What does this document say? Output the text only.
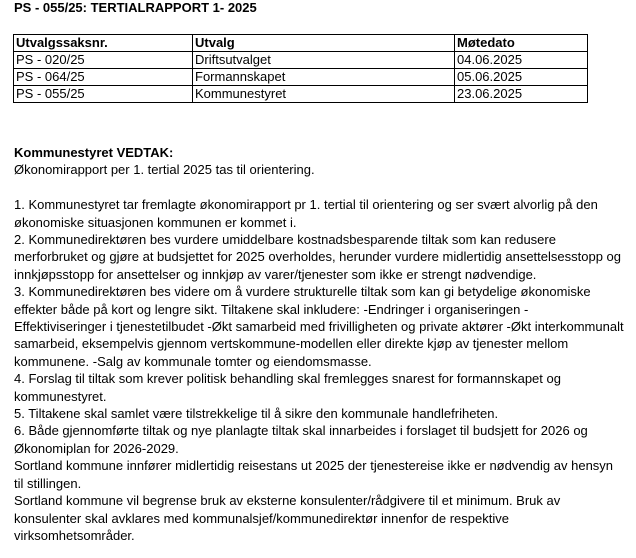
PS - 055/25: TERTIALRAPPORT 1- 2025
Utvalgssaksnr.	Utvalg	Møtedato
PS - 020/25	Driftsutvalget	04.06.2025
PS - 064/25	Formannskapet	05.06.2025
PS - 055/25	Kommunestyret	23.06.2025

Kommunestyret VEDTAK:

Økonomirapport per 1. tertial 2025 tas til orientering.

1. Kommunestyret tar fremlagte økonomirapport pr 1. tertial til orientering og ser svært alvorlig på den økonomiske situasjonen kommunen er kommet i.

2. Kommunedirektøren bes vurdere umiddelbare kostnadsbesparende tiltak som kan redusere merforbruket og gjøre at budsjettet for 2025 overholdes, herunder vurdere midlertidig ansettelsesstopp og innkjøpsstopp for ansettelser og innkjøp av varer/tjenester som ikke er strengt nødvendige.

3. Kommunedirektøren bes videre om å vurdere strukturelle tiltak som kan gi betydelige økonomiske effekter både på kort og lengre sikt. Tiltakene skal inkludere: -Endringer i organiseringen - Effektiviseringer i tjenestetilbudet -Økt samarbeid med frivilligheten og private aktører -Økt interkommunalt samarbeid, eksempelvis gjennom vertskommune-modellen eller direkte kjøp av tjenester mellom kommunene. -Salg av kommunale tomter og eiendomsmasse.

4. Forslag til tiltak som krever politisk behandling skal fremlegges snarest for formannskapet og kommunestyret.

5. Tiltakene skal samlet være tilstrekkelige til å sikre den kommunale handlefriheten.

6. Både gjennomførte tiltak og nye planlagte tiltak skal innarbeides i forslaget til budsjett for 2026 og Økonomiplan for 2026-2029.

Sortland kommune innfører midlertidig reisestans ut 2025 der tjenestereise ikke er nødvendig av hensyn til stillingen.

Sortland kommune vil begrense bruk av eksterne konsulenter/rådgivere til et minimum. Bruk av konsulenter skal avklares med kommunalsjef/kommunedirektør innenfor de respektive virksomhetsområder.
